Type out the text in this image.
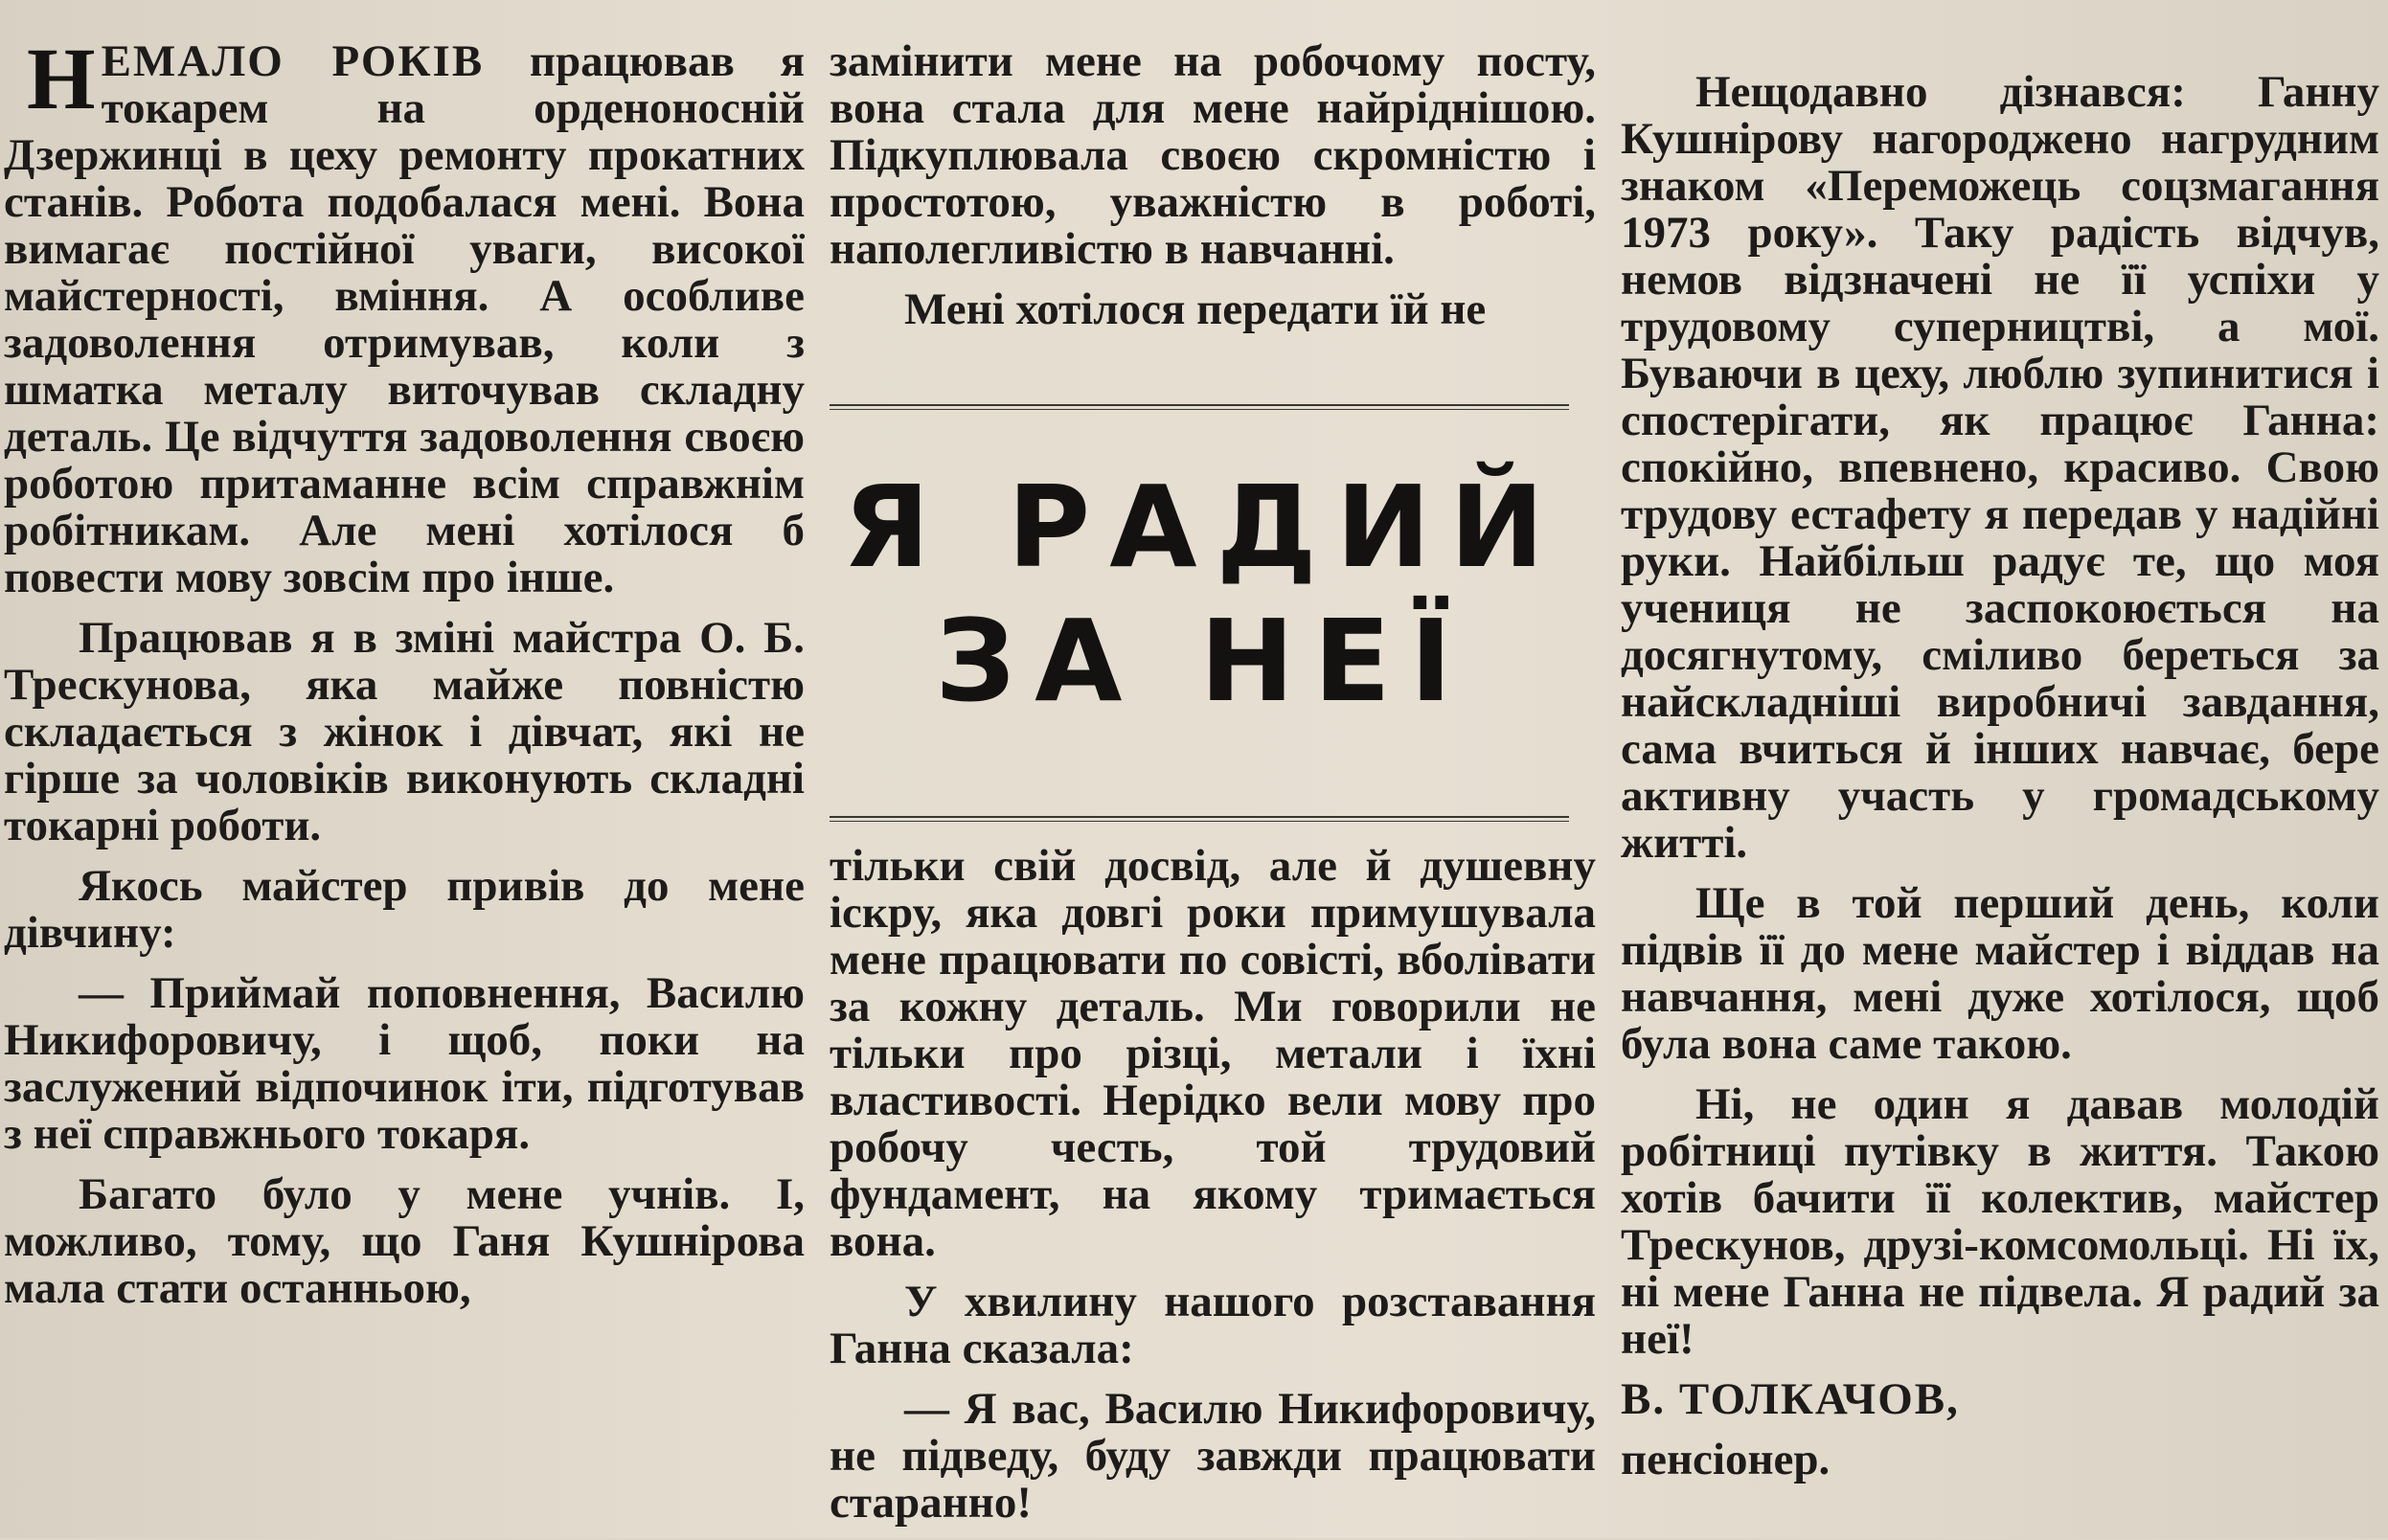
НЕМАЛО РОКІВ працював я токарем на орденоносній Дзержинці в цеху ремонту прокатних станів. Робота подобалася мені. Вона вимагає постійної уваги, високої майстерності, вміння. А особливе задоволення отримував, коли з шматка металу виточував складну деталь. Це відчуття задоволення своєю роботою притаманне всім справжнім робітникам. Але мені хотілося б повести мову зовсім про інше.

Працював я в зміні майстра О. Б. Трескунова, яка майже повністю складається з жінок і дівчат, які не гірше за чоловіків виконують складні токарні роботи.

Якось майстер привів до мене дівчину:

— Приймай поповнення, Василю Никифоровичу, і щоб, поки на заслужений відпочинок іти, підготував з неї справжнього токаря.

Багато було у мене учнів. І, можливо, тому, що Ганя Кушнірова мала стати останньою,

замінити мене на робочому посту, вона стала для мене найріднішою. Підкуплювала своєю скромністю і простотою, уважністю в роботі, наполегливістю в навчанні.

Мені хотілося передати їй не

Я РАДИЙ
ЗА НЕЇ

тільки свій досвід, але й душевну іскру, яка довгі роки примушувала мене працювати по совісті, вболівати за кожну деталь. Ми говорили не тільки про різці, метали і їхні властивості. Нерідко вели мову про робочу честь, той трудовий фундамент, на якому тримається вона.

У хвилину нашого розставання Ганна сказала:

— Я вас, Василю Никифоровичу, не підведу, буду завжди працювати старанно!

Нещодавно дізнався: Ганну Кушнірову нагороджено нагрудним знаком «Переможець соцзмагання 1973 року». Таку радість відчув, немов відзначені не її успіхи у трудовому суперництві, а мої. Буваючи в цеху, люблю зупинитися і спостерігати, як працює Ганна: спокійно, впевнено, красиво. Свою трудову естафету я передав у надійні руки. Найбільш радує те, що моя учениця не заспокоюється на досягнутому, сміливо береться за найскладніші виробничі завдання, сама вчиться й інших навчає, бере активну участь у громадському житті.

Ще в той перший день, коли підвів її до мене майстер і віддав на навчання, мені дуже хотілося, щоб була вона саме такою.

Ні, не один я давав молодій робітниці путівку в життя. Такою хотів бачити її колектив, майстер Трескунов, друзі-комсомольці. Ні їх, ні мене Ганна не підвела. Я радий за неї!

В. ТОЛКАЧОВ,

пенсіонер.
